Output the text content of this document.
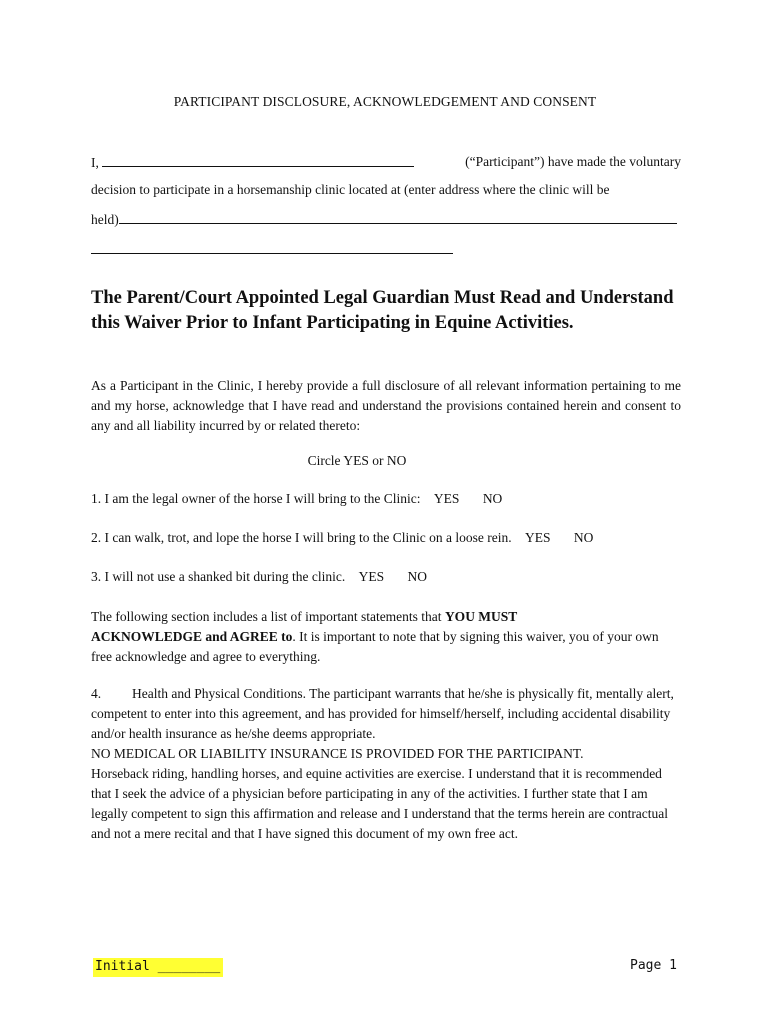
PARTICIPANT DISCLOSURE, ACKNOWLEDGEMENT AND CONSENT
I,	(“Participant”) have made the voluntary
decision to participate in a horsemanship clinic located at (enter address where the clinic will be
held)
The Parent/Court Appointed Legal Guardian Must Read and Understand this Waiver Prior to Infant Participating in Equine Activities.
As a Participant in the Clinic, I hereby provide a full disclosure of all relevant information pertaining to me and my horse, acknowledge that I have read and understand the provisions contained herein and consent to any and all liability incurred by or related thereto:
Circle YES or NO
1. I am the legal owner of the horse I will bring to the Clinic: YES NO
2. I can walk, trot, and lope the horse I will bring to the Clinic on a loose rein. YES NO
3. I will not use a shanked bit during the clinic. YES NO
The following section includes a list of important statements that YOU MUST
ACKNOWLEDGE and AGREE to. It is important to note that by signing this waiver, you of your own free acknowledge and agree to everything.
4. Health and Physical Conditions. The participant warrants that he/she is physically fit, mentally alert, competent to enter into this agreement, and has provided for himself/herself, including accidental disability and/or health insurance as he/she deems appropriate.
NO MEDICAL OR LIABILITY INSURANCE IS PROVIDED FOR THE PARTICIPANT.
Horseback riding, handling horses, and equine activities are exercise. I understand that it is recommended that I seek the advice of a physician before participating in any of the activities. I further state that I am legally competent to sign this affirmation and release and I understand that the terms herein are contractual and not a mere recital and that I have signed this document of my own free act.
Initial ________	Page 1
